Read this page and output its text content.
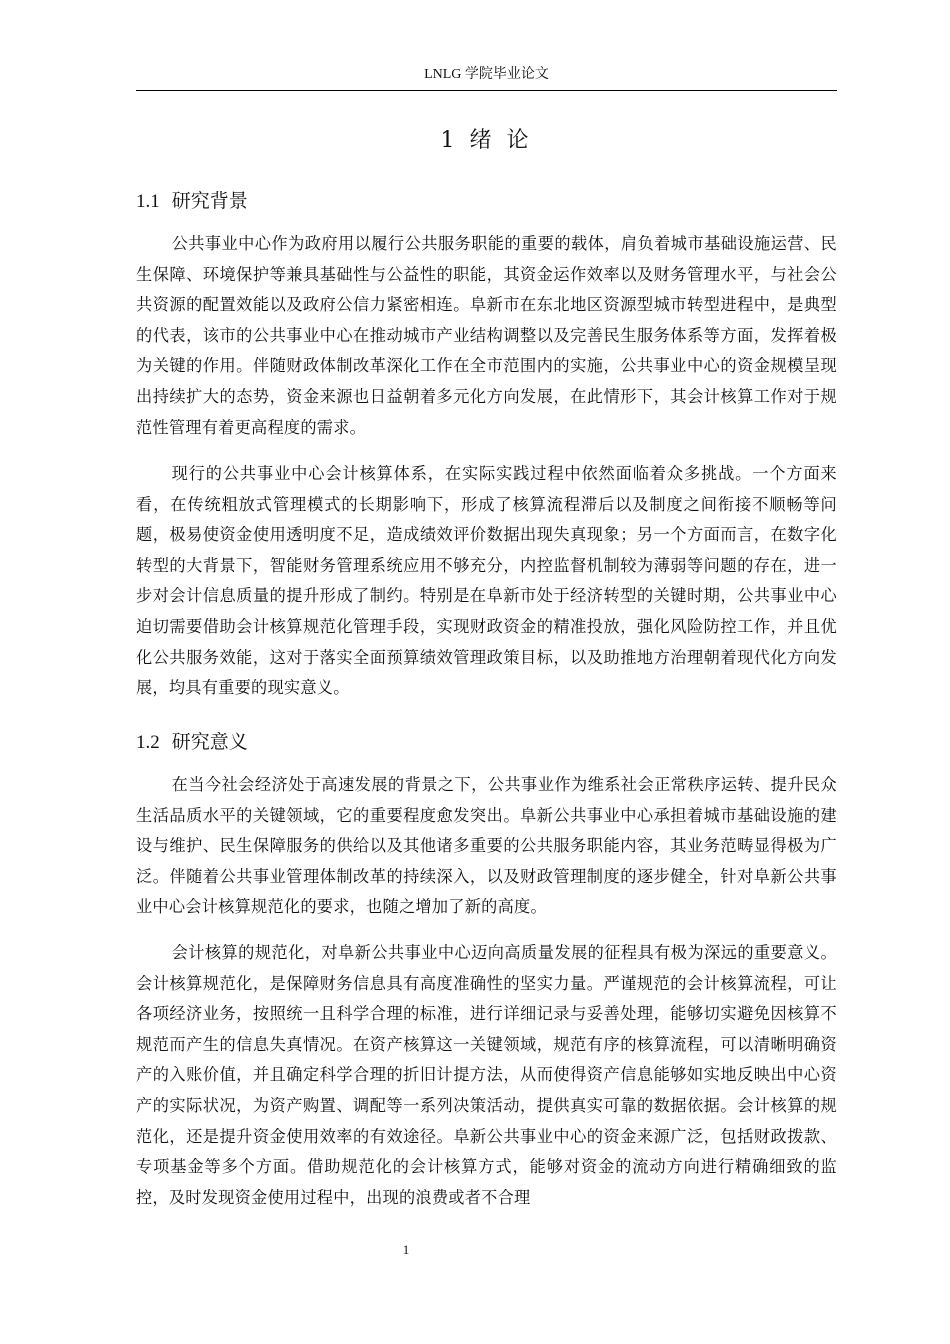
LNLG 学院毕业论文
1 绪 论
1.1 研究背景

公共事业中心作为政府用以履行公共服务职能的重要的载体，肩负着城市基础设施运营、民生保障、环境保护等兼具基础性与公益性的职能，其资金运作效率以及财务管理水平，与社会公共资源的配置效能以及政府公信力紧密相连。阜新市在东北地区资源型城市转型进程中，是典型的代表，该市的公共事业中心在推动城市产业结构调整以及完善民生服务体系等方面，发挥着极为关键的作用。伴随财政体制改革深化工作在全市范围内的实施，公共事业中心的资金规模呈现出持续扩大的态势，资金来源也日益朝着多元化方向发展，在此情形下，其会计核算工作对于规范性管理有着更高程度的需求。

现行的公共事业中心会计核算体系，在实际实践过程中依然面临着众多挑战。一个方面来看，在传统粗放式管理模式的长期影响下，形成了核算流程滞后以及制度之间衔接不顺畅等问题，极易使资金使用透明度不足，造成绩效评价数据出现失真现象；另一个方面而言，在数字化转型的大背景下，智能财务管理系统应用不够充分，内控监督机制较为薄弱等问题的存在，进一步对会计信息质量的提升形成了制约。特别是在阜新市处于经济转型的关键时期，公共事业中心迫切需要借助会计核算规范化管理手段，实现财政资金的精准投放，强化风险防控工作，并且优化公共服务效能，这对于落实全面预算绩效管理政策目标，以及助推地方治理朝着现代化方向发展，均具有重要的现实意义。

1.2 研究意义

在当今社会经济处于高速发展的背景之下，公共事业作为维系社会正常秩序运转、提升民众生活品质水平的关键领域，它的重要程度愈发突出。阜新公共事业中心承担着城市基础设施的建设与维护、民生保障服务的供给以及其他诸多重要的公共服务职能内容，其业务范畴显得极为广泛。伴随着公共事业管理体制改革的持续深入，以及财政管理制度的逐步健全，针对阜新公共事业中心会计核算规范化的要求，也随之增加了新的高度。

会计核算的规范化，对阜新公共事业中心迈向高质量发展的征程具有极为深远的重要意义。会计核算规范化，是保障财务信息具有高度准确性的坚实力量。严谨规范的会计核算流程，可让各项经济业务，按照统一且科学合理的标准，进行详细记录与妥善处理，能够切实避免因核算不规范而产生的信息失真情况。在资产核算这一关键领域，规范有序的核算流程，可以清晰明确资产的入账价值，并且确定科学合理的折旧计提方法，从而使得资产信息能够如实地反映出中心资产的实际状况，为资产购置、调配等一系列决策活动，提供真实可靠的数据依据。会计核算的规范化，还是提升资金使用效率的有效途径。阜新公共事业中心的资金来源广泛，包括财政拨款、专项基金等多个方面。借助规范化的会计核算方式，能够对资金的流动方向进行精确细致的监控，及时发现资金使用过程中，出现的浪费或者不合理

1
